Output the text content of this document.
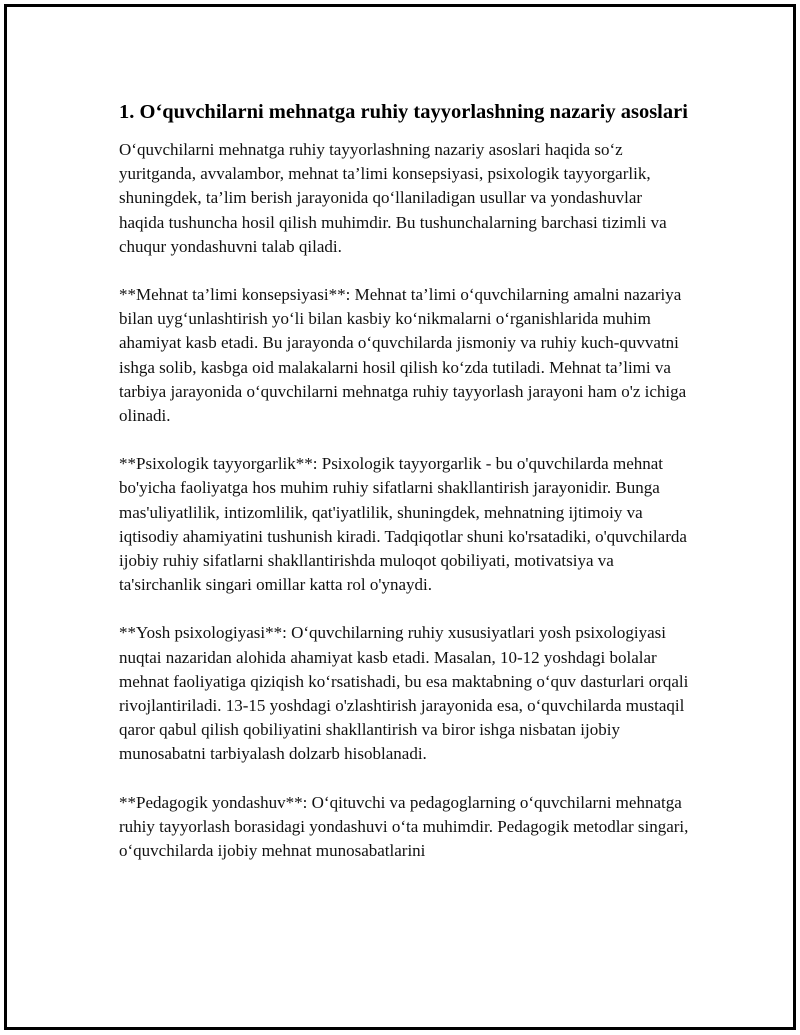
1. O‘quvchilarni mehnatga ruhiy tayyorlashning nazariy asoslari

O‘quvchilarni mehnatga ruhiy tayyorlashning nazariy asoslari haqida so‘z yuritganda, avvalambor, mehnat ta’limi konsepsiyasi, psixologik tayyorgarlik, shuningdek, ta’lim berish jarayonida qo‘llaniladigan usullar va yondashuvlar haqida tushuncha hosil qilish muhimdir. Bu tushunchalarning barchasi tizimli va chuqur yondashuvni talab qiladi.

**Mehnat ta’limi konsepsiyasi**: Mehnat ta’limi o‘quvchilarning amalni nazariya bilan uyg‘unlashtirish yo‘li bilan kasbiy ko‘nikmalarni o‘rganishlarida muhim ahamiyat kasb etadi. Bu jarayonda o‘quvchilarda jismoniy va ruhiy kuch-quvvatni ishga solib, kasbga oid malakalarni hosil qilish ko‘zda tutiladi. Mehnat ta’limi va tarbiya jarayonida o‘quvchilarni mehnatga ruhiy tayyorlash jarayoni ham o'z ichiga olinadi.

**Psixologik tayyorgarlik**: Psixologik tayyorgarlik - bu o'quvchilarda mehnat bo'yicha faoliyatga hos muhim ruhiy sifatlarni shakllantirish jarayonidir. Bunga mas'uliyatlilik, intizomlilik, qat'iyatlilik, shuningdek, mehnatning ijtimoiy va iqtisodiy ahamiyatini tushunish kiradi. Tadqiqotlar shuni ko'rsatadiki, o'quvchilarda ijobiy ruhiy sifatlarni shakllantirishda muloqot qobiliyati, motivatsiya va ta'sirchanlik singari omillar katta rol o'ynaydi.

**Yosh psixologiyasi**: O‘quvchilarning ruhiy xususiyatlari yosh psixologiyasi nuqtai nazaridan alohida ahamiyat kasb etadi. Masalan, 10-12 yoshdagi bolalar mehnat faoliyatiga qiziqish ko‘rsatishadi, bu esa maktabning o‘quv dasturlari orqali rivojlantiriladi. 13-15 yoshdagi o'zlashtirish jarayonida esa, o‘quvchilarda mustaqil qaror qabul qilish qobiliyatini shakllantirish va biror ishga nisbatan ijobiy munosabatni tarbiyalash dolzarb hisoblanadi.

**Pedagogik yondashuv**: O‘qituvchi va pedagoglarning o‘quvchilarni mehnatga ruhiy tayyorlash borasidagi yondashuvi o‘ta muhimdir. Pedagogik metodlar singari, o‘quvchilarda ijobiy mehnat munosabatlarini
